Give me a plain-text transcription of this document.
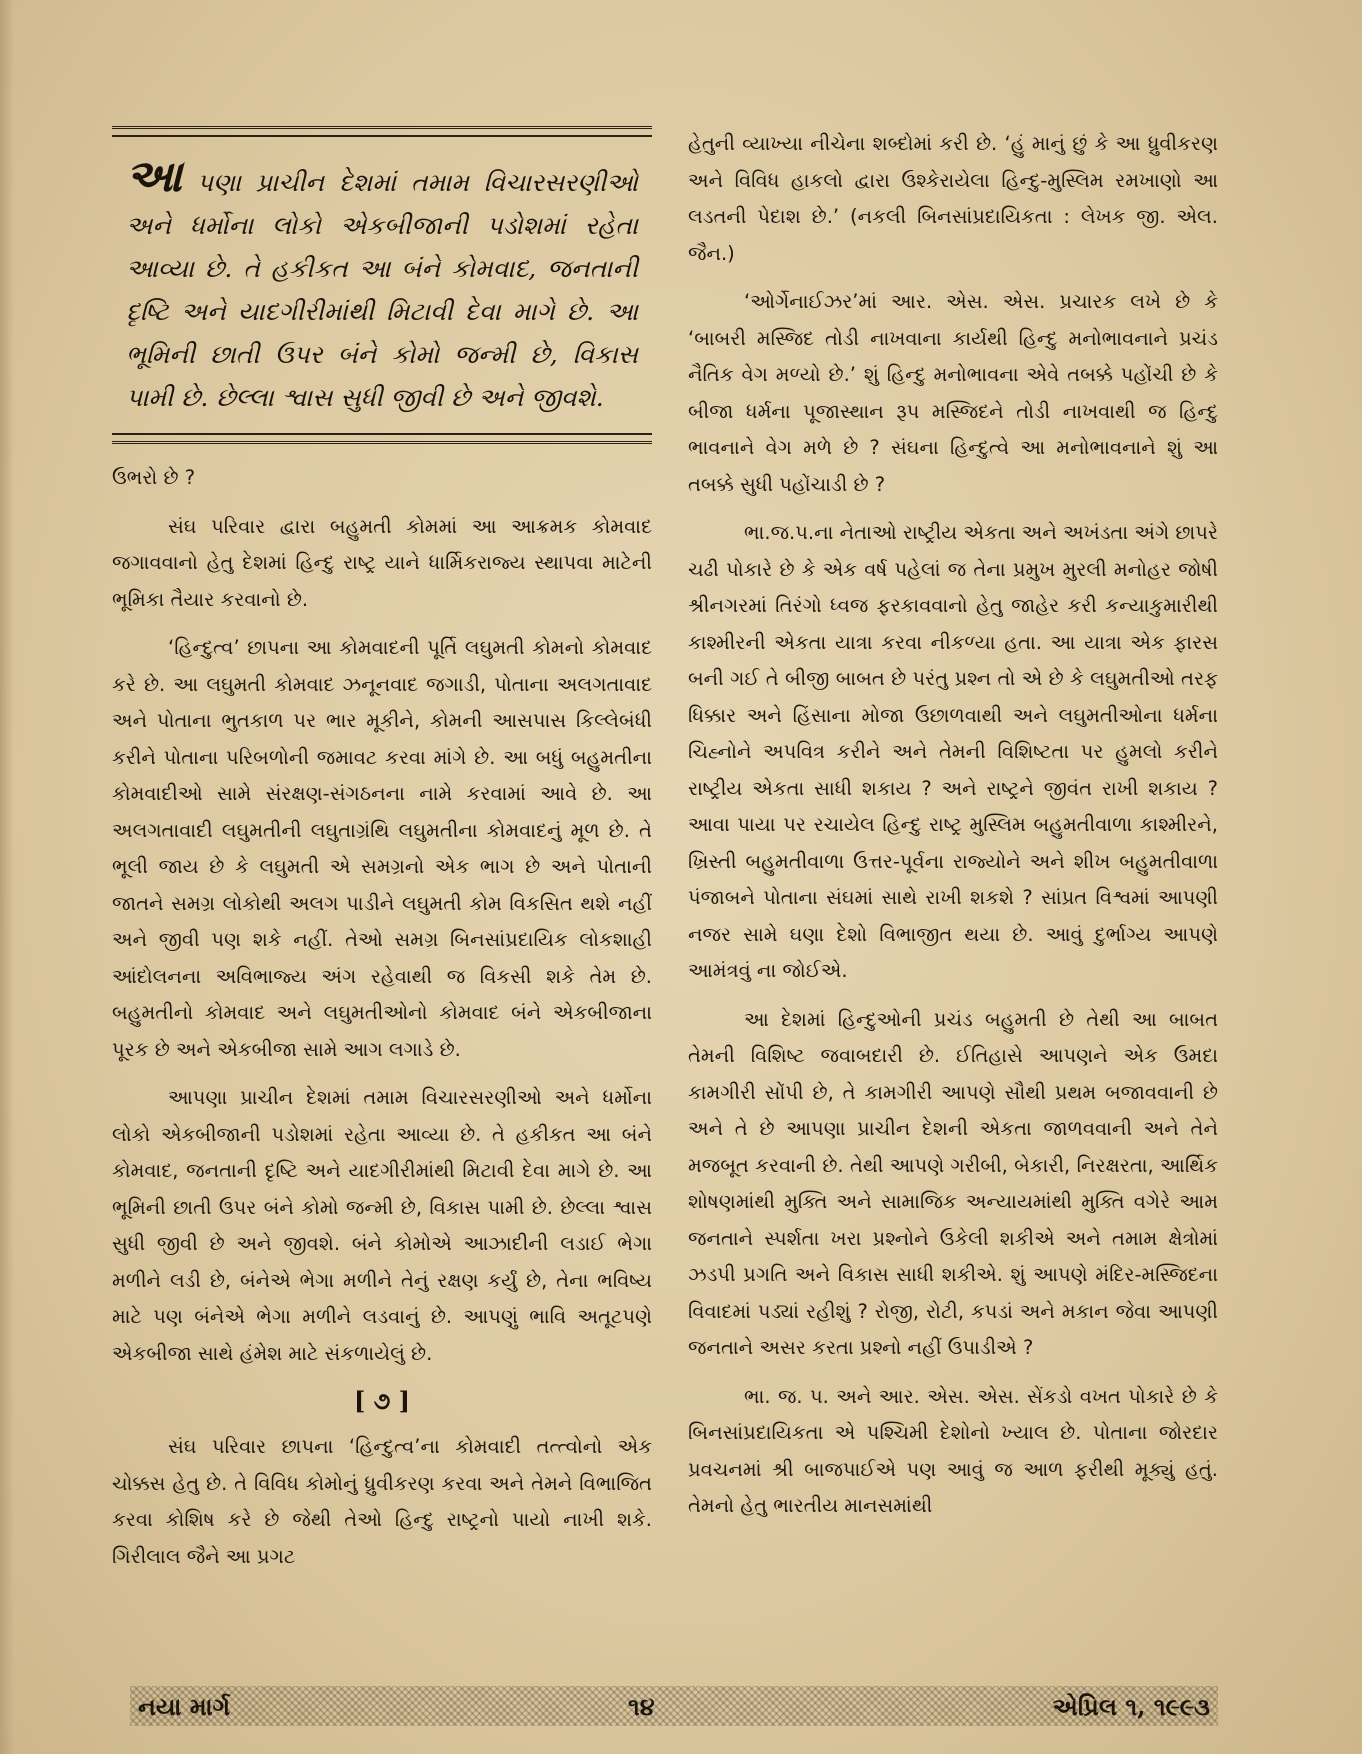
આ પણા પ્રાચીન દેશમાં તમામ વિચારસરણીઓ અને ધર્મોના લોકો એકબીજાની પડોશમાં રહેતા આવ્યા છે. તે હકીકત આ બંને કોમવાદ, જનતાની દૃષ્ટિ અને યાદગીરીમાંથી મિટાવી દેવા માગે છે. આ ભૂમિની છાતી ઉપર બંને કોમો જન્મી છે, વિકાસ પામી છે. છેલ્લા શ્વાસ સુધી જીવી છે અને જીવશે.

ઉભરો છે ?

સંઘ પરિવાર દ્વારા બહુમતી કોમમાં આ આક્રમક કોમવાદ જગાવવાનો હેતુ દેશમાં હિન્દુ રાષ્ટ્ર યાને ધાર્મિકરાજ્ય સ્થાપવા માટેની ભૂમિકા તૈયાર કરવાનો છે.

‘હિન્દુત્વ’ છાપના આ કોમવાદની પૂર્તિ લઘુમતી કોમનો કોમવાદ કરે છે. આ લઘુમતી કોમવાદ ઝનૂનવાદ જગાડી, પોતાના અલગતાવાદ અને પોતાના ભુતકાળ પર ભાર મૂકીને, કોમની આસપાસ કિલ્લેબંધી કરીને પોતાના પરિબળોની જમાવટ કરવા માંગે છે. આ બધું બહુમતીના કોમવાદીઓ સામે સંરક્ષણ-સંગઠનના નામે કરવામાં આવે છે. આ અલગતાવાદી લઘુમતીની લઘુતાગ્રંથિ લઘુમતીના કોમવાદનું મૂળ છે. તે ભૂલી જાય છે કે લઘુમતી એ સમગ્રનો એક ભાગ છે અને પોતાની જાતને સમગ્ર લોકોથી અલગ પાડીને લઘુમતી કોમ વિકસિત થશે નહીં અને જીવી પણ શકે નહીં. તેઓ સમગ્ર બિનસાંપ્રદાયિક લોકશાહી આંદોલનના અવિભાજ્ય અંગ રહેવાથી જ વિકસી શકે તેમ છે. બહુમતીનો કોમવાદ અને લઘુમતીઓનો કોમવાદ બંને એકબીજાના પૂરક છે અને એકબીજા સામે આગ લગાડે છે.

આપણા પ્રાચીન દેશમાં તમામ વિચારસરણીઓ અને ધર્મોના લોકો એકબીજાની પડોશમાં રહેતા આવ્યા છે. તે હકીકત આ બંને કોમવાદ, જનતાની દૃષ્ટિ અને યાદગીરીમાંથી મિટાવી દેવા માગે છે. આ ભૂમિની છાતી ઉપર બંને કોમો જન્મી છે, વિકાસ પામી છે. છેલ્લા શ્વાસ સુધી જીવી છે અને જીવશે. બંને કોમોએ આઝાદીની લડાઈ ભેગા મળીને લડી છે, બંનેએ ભેગા મળીને તેનું રક્ષણ કર્યું છે, તેના ભવિષ્ય માટે પણ બંનેએ ભેગા મળીને લડવાનું છે. આપણું ભાવિ અતૂટપણે એકબીજા સાથે હંમેશ માટે સંકળાયેલું છે.

[ ૭ ]

સંઘ પરિવાર છાપના ‘હિન્દુત્વ’ના કોમવાદી તત્ત્વોનો એક ચોક્કસ હેતુ છે. તે વિવિધ કોમોનું ધ્રુવીકરણ કરવા અને તેમને વિભાજિત કરવા કોશિષ કરે છે જેથી તેઓ હિન્દુ રાષ્ટ્રનો પાયો નાખી શકે. ગિરીલાલ જૈને આ પ્રગટ

હેતુની વ્યાખ્યા નીચેના શબ્દોમાં કરી છે. ‘હું માનું છું કે આ ધ્રુવીકરણ અને વિવિધ હાકલો દ્વારા ઉશ્કેરાયેલા હિન્દુ-મુસ્લિમ રમખાણો આ લડતની પેદાશ છે.’ (નકલી બિનસાંપ્રદાયિકતા : લેખક જી. એલ. જૈન.)

‘ઓર્ગેનાઈઝર’માં આર. એસ. એસ. પ્રચારક લખે છે કે ‘બાબરી મસ્જિદ તોડી નાખવાના કાર્યથી હિન્દુ મનોભાવનાને પ્રચંડ નૈતિક વેગ મળ્યો છે.’ શું હિન્દુ મનોભાવના એવે તબક્કે પહોંચી છે કે બીજા ધર્મના પૂજાસ્થાન રૂપ મસ્જિદને તોડી નાખવાથી જ હિન્દુ ભાવનાને વેગ મળે છે ? સંઘના હિન્દુત્વે આ મનોભાવનાને શું આ તબક્કે સુધી પહોંચાડી છે ?

ભા.જ.પ.ના નેતાઓ રાષ્ટ્રીય એકતા અને અખંડતા અંગે છાપરે ચઢી પોકારે છે કે એક વર્ષ પહેલાં જ તેના પ્રમુખ મુરલી મનોહર જોષી શ્રીનગરમાં તિરંગો ધ્વજ ફરકાવવાનો હેતુ જાહેર કરી કન્યાકુમારીથી કાશ્મીરની એકતા યાત્રા કરવા નીકળ્યા હતા. આ યાત્રા એક ફારસ બની ગઈ તે બીજી બાબત છે પરંતુ પ્રશ્ન તો એ છે કે લઘુમતીઓ તરફ ધિક્કાર અને હિંસાના મોજા ઉછાળવાથી અને લઘુમતીઓના ધર્મના ચિહ્નોને અપવિત્ર કરીને અને તેમની વિશિષ્ટતા પર હુમલો કરીને રાષ્ટ્રીય એકતા સાધી શકાય ? અને રાષ્ટ્રને જીવંત રાખી શકાય ? આવા પાયા પર રચાયેલ હિન્દુ રાષ્ટ્ર મુસ્લિમ બહુમતીવાળા કાશ્મીરને, ખ્રિસ્તી બહુમતીવાળા ઉત્તર-પૂર્વના રાજ્યોને અને શીખ બહુમતીવાળા પંજાબને પોતાના સંઘમાં સાથે રાખી શકશે ? સાંપ્રત વિશ્વમાં આપણી નજર સામે ઘણા દેશો વિભાજીત થયા છે. આવું દુર્ભાગ્ય આપણે આમંત્રવું ના જોઈએ.

આ દેશમાં હિન્દુઓની પ્રચંડ બહુમતી છે તેથી આ બાબત તેમની વિશિષ્ટ જવાબદારી છે. ઈતિહાસે આપણને એક ઉમદા કામગીરી સોંપી છે, તે કામગીરી આપણે સૌથી પ્રથમ બજાવવાની છે અને તે છે આપણા પ્રાચીન દેશની એકતા જાળવવાની અને તેને મજબૂત કરવાની છે. તેથી આપણે ગરીબી, બેકારી, નિરક્ષરતા, આર્થિક શોષણમાંથી મુક્તિ અને સામાજિક અન્યાયમાંથી મુક્તિ વગેરે આમ જનતાને સ્પર્શતા ખરા પ્રશ્નોને ઉકેલી શકીએ અને તમામ ક્ષેત્રોમાં ઝડપી પ્રગતિ અને વિકાસ સાધી શકીએ. શું આપણે મંદિર-મસ્જિદના વિવાદમાં પડ્યાં રહીશું ? રોજી, રોટી, કપડાં અને મકાન જેવા આપણી જનતાને અસર કરતા પ્રશ્નો નહીં ઉપાડીએ ?

ભા. જ. પ. અને આર. એસ. એસ. સેંકડો વખત પોકારે છે કે બિનસાંપ્રદાયિકતા એ પશ્ચિમી દેશોનો ખ્યાલ છે. પોતાના જોરદાર પ્રવચનમાં શ્રી બાજપાઈએ પણ આવું જ આળ ફરીથી મૂક્યું હતું. તેમનો હેતુ ભારતીય માનસમાંથી

નયા માર્ગ	૧૪	એપ્રિલ ૧, ૧૯૯૩
